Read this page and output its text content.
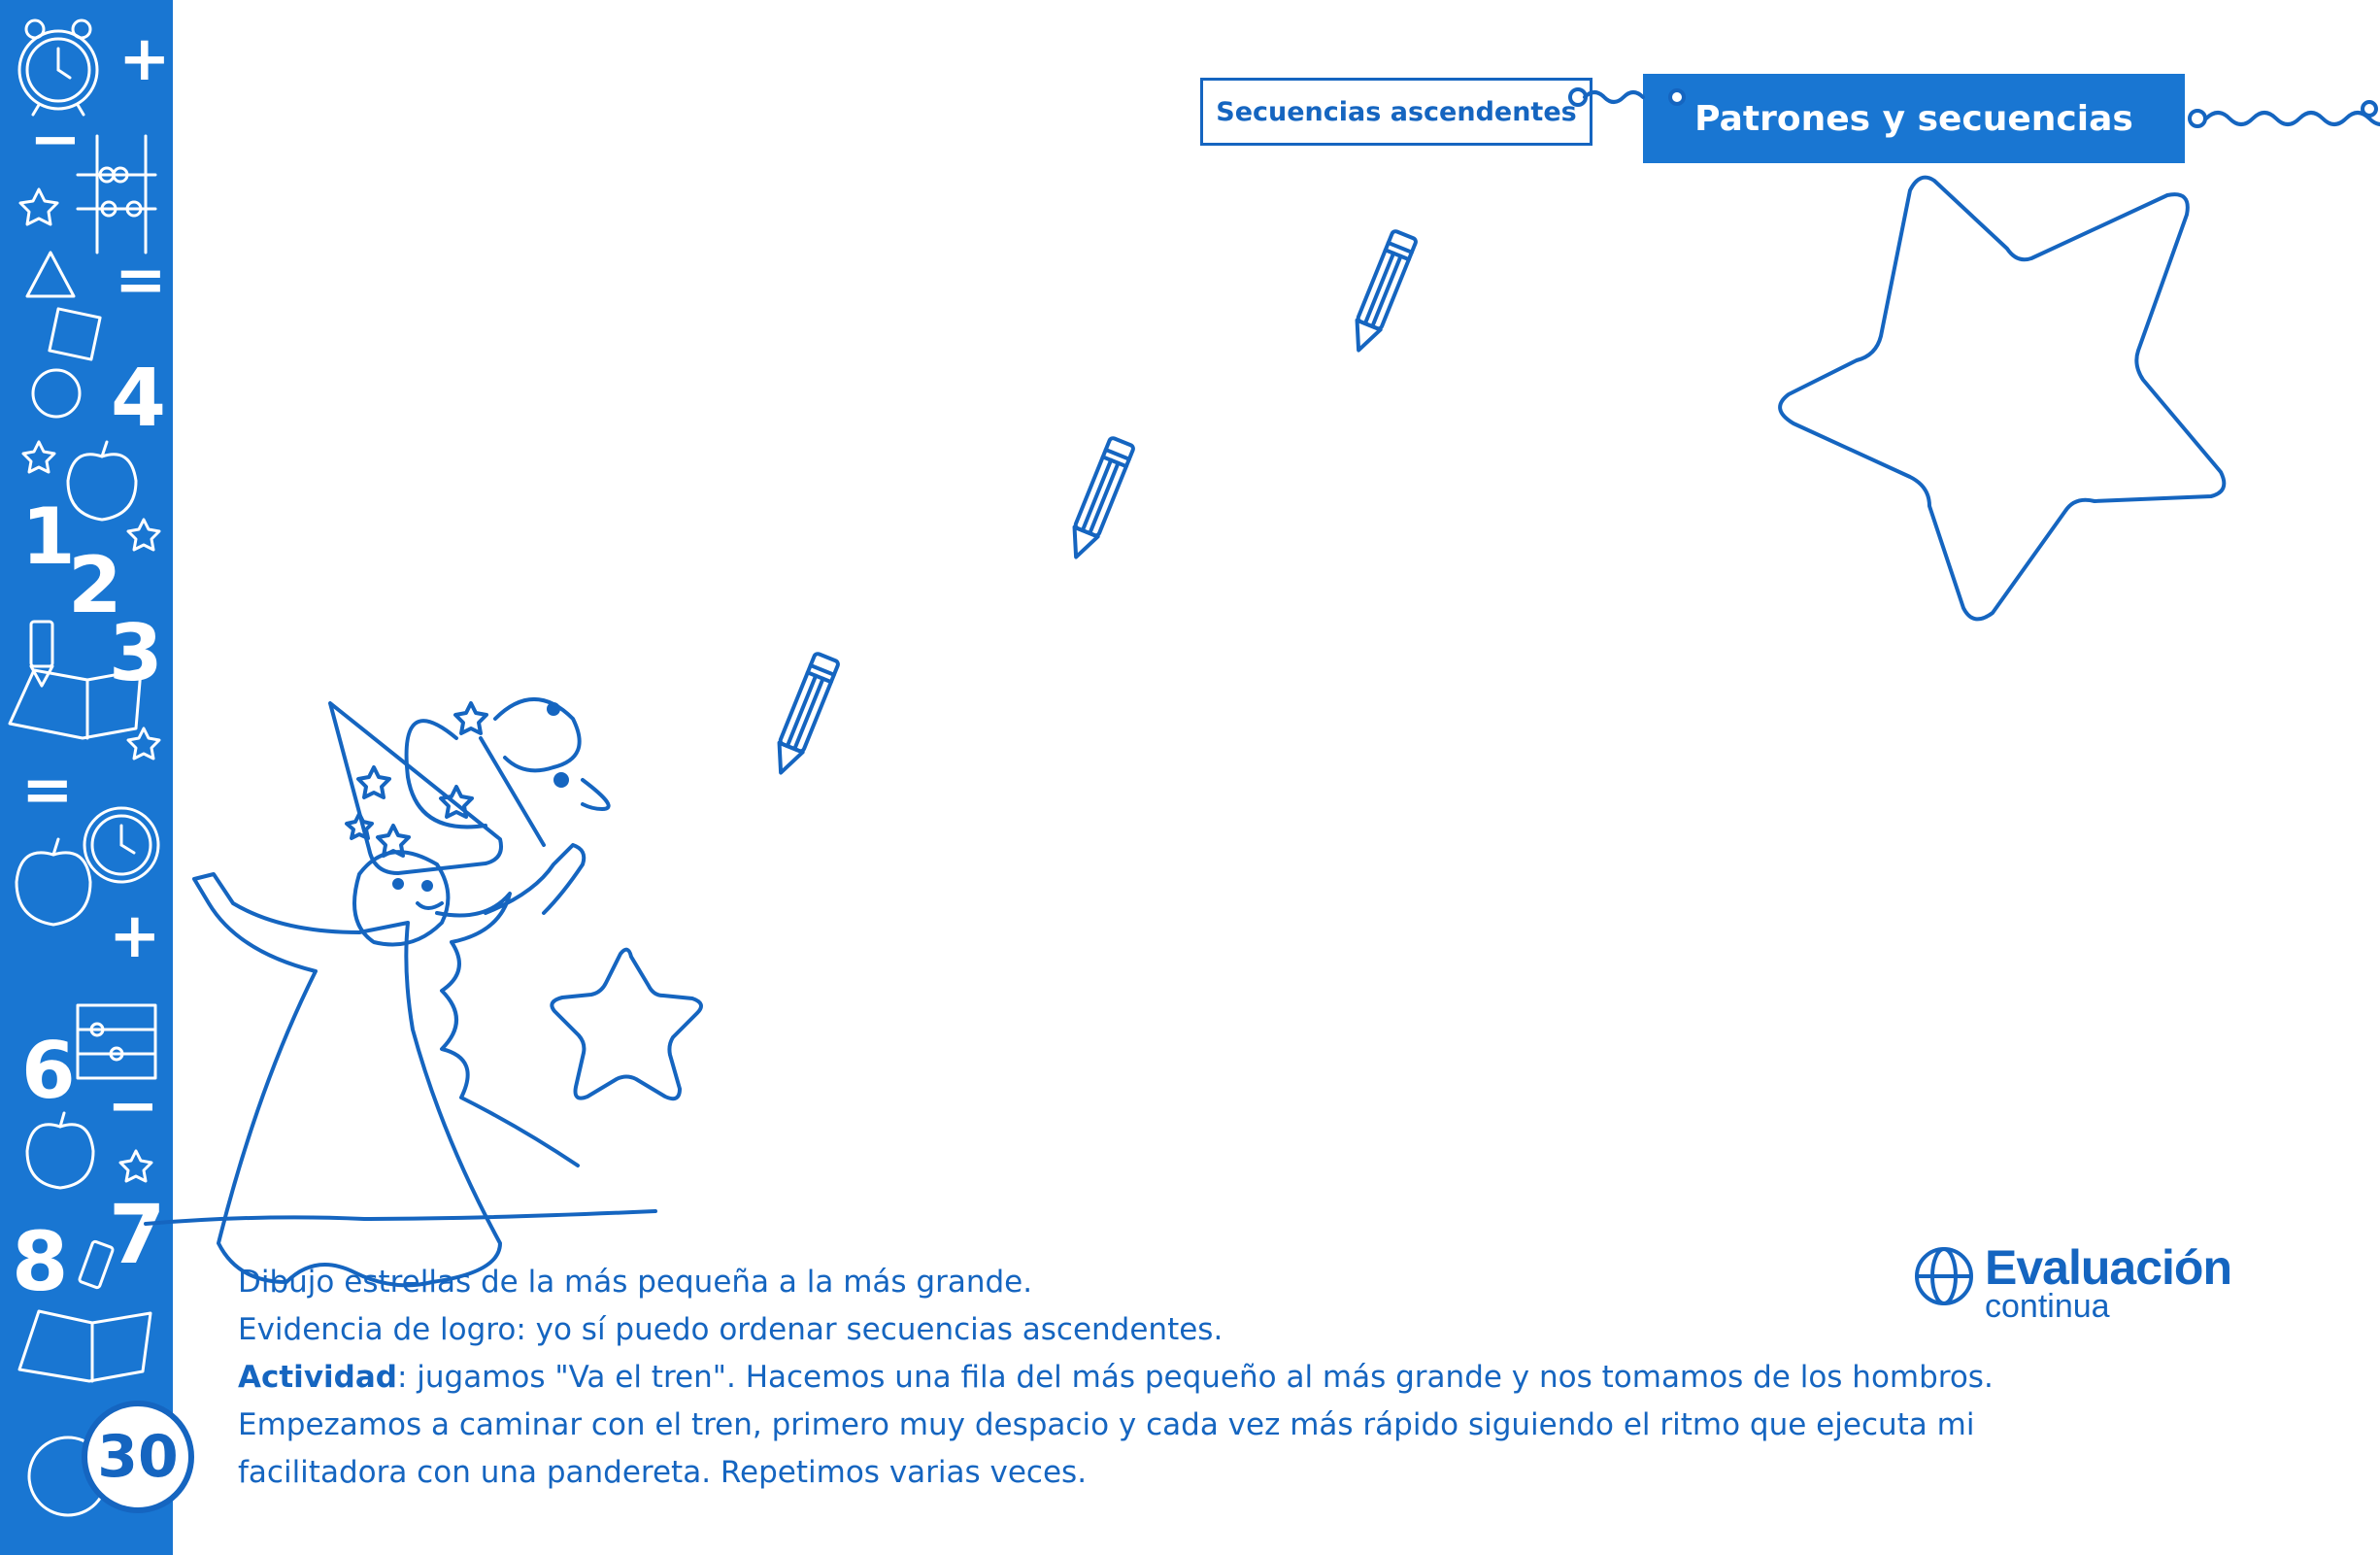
+
−
=
4
1
2
3
=
+
6 −
8 7
30
Secuencias ascendentes	Patrones y secuencias
Evaluación
continua

Dibujo estrellas de la más pequeña a la más grande.

Evidencia de logro: yo sí puedo ordenar secuencias ascendentes.

Actividad: jugamos "Va el tren". Hacemos una fila del más pequeño al más grande y nos tomamos de los hombros.

Empezamos a caminar con el tren, primero muy despacio y cada vez más rápido siguiendo el ritmo que ejecuta mi

facilitadora con una pandereta. Repetimos varias veces.
